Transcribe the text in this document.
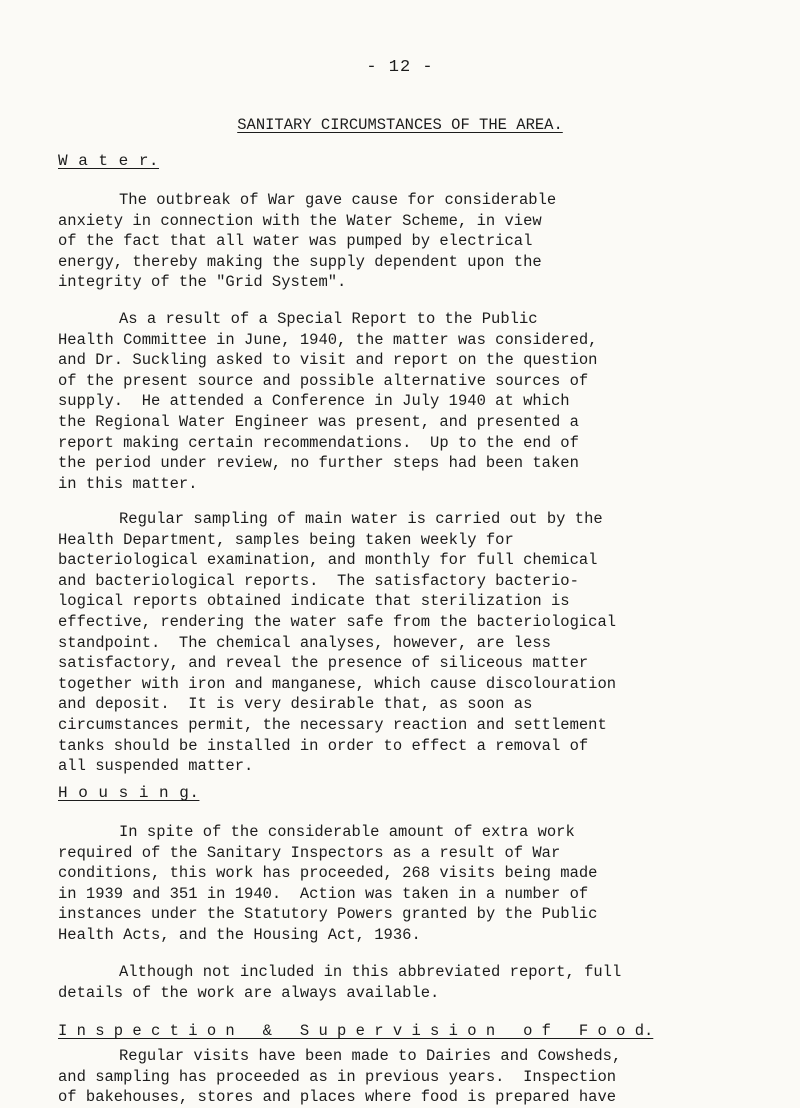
- 12 -
SANITARY CIRCUMSTANCES OF THE AREA.
W a t e r.
The outbreak of War gave cause for considerable
anxiety in connection with the Water Scheme, in view
of the fact that all water was pumped by electrical
energy, thereby making the supply dependent upon the
integrity of the "Grid System".
As a result of a Special Report to the Public
Health Committee in June, 1940, the matter was considered,
and Dr. Suckling asked to visit and report on the question
of the present source and possible alternative sources of
supply.  He attended a Conference in July 1940 at which
the Regional Water Engineer was present, and presented a
report making certain recommendations.  Up to the end of
the period under review, no further steps had been taken
in this matter.
Regular sampling of main water is carried out by the
Health Department, samples being taken weekly for
bacteriological examination, and monthly for full chemical
and bacteriological reports.  The satisfactory bacterio-
logical reports obtained indicate that sterilization is
effective, rendering the water safe from the bacteriological
standpoint.  The chemical analyses, however, are less
satisfactory, and reveal the presence of siliceous matter
together with iron and manganese, which cause discolouration
and deposit.  It is very desirable that, as soon as
circumstances permit, the necessary reaction and settlement
tanks should be installed in order to effect a removal of
all suspended matter.
H o u s i n g.
In spite of the considerable amount of extra work
required of the Sanitary Inspectors as a result of War
conditions, this work has proceeded, 268 visits being made
in 1939 and 351 in 1940.  Action was taken in a number of
instances under the Statutory Powers granted by the Public
Health Acts, and the Housing Act, 1936.
Although not included in this abbreviated report, full
details of the work are always available.
I n s p e c t i o n   &   S u p e r v i s i o n   o f   F o o d.
Regular visits have been made to Dairies and Cowsheds,
and sampling has proceeded as in previous years.  Inspection
of bakehouses, stores and places where food is prepared have
